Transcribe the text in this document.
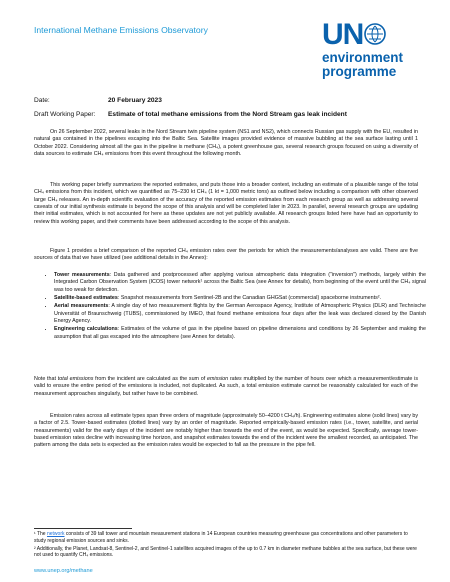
International Methane Emissions Observatory	UN
environment
programme
Date:	20 February 2023
Draft Working Paper: Estimate of total methane emissions from the Nord Stream gas leak incident

On 26 September 2022, several leaks in the Nord Stream twin pipeline system (NS1 and NS2), which connects Russian gas supply with the EU, resulted in natural gas contained in the pipelines escaping into the Baltic Sea. Satellite images provided evidence of massive bubbling at the sea surface lasting until 1 October 2022. Considering almost all the gas in the pipeline is methane (CH₄), a potent greenhouse gas, several research groups focused on using a diversity of data sources to estimate CH₄ emissions from this event throughout the following month.

This working paper briefly summarizes the reported estimates, and puts those into a broader context, including an estimate of a plausible range of the total CH₄ emissions from this incident, which we quantified as 75–230 kt CH₄ (1 kt = 1,000 metric tons) as outlined below including a comparison with other observed large CH₄ releases. An in-depth scientific evaluation of the accuracy of the reported emission estimates from each research group as well as addressing several caveats of our initial synthesis estimate is beyond the scope of this analysis and will be completed later in 2023. In parallel, several research groups are updating their initial estimates, which is not accounted for here as these updates are not yet publicly available. All research groups listed here have had an opportunity to review this working paper, and their comments have been addressed according to the scope of this analysis.

Figure 1 provides a brief comparison of the reported CH₄ emission rates over the periods for which the measurements/analyses are valid. There are five sources of data that we have utilized (see additional details in the Annex):

• Tower measurements: Data gathered and postprocessed after applying various atmospheric data integration (“inversion”) methods, largely within the Integrated Carbon Observation System (ICOS) tower network¹ across the Baltic Sea (see Annex for details), from beginning of the event until the CH₄ signal was too weak for detection.
• Satellite-based estimates: Snapshot measurements from Sentinel-2B and the Canadian GHGSat (commercial) spaceborne instruments².
• Aerial measurements: A single day of two measurement flights by the German Aerospace Agency, Institute of Atmospheric Physics (DLR) and Technische Universität of Braunschweig (TUBS), commissioned by IMEO, that found methane emissions four days after the leak was declared closed by the Danish Energy Agency.
• Engineering calculations: Estimates of the volume of gas in the pipeline based on pipeline dimensions and conditions by 26 September and making the assumption that all gas escaped into the atmosphere (see Annex for details).

Note that total emissions from the incident are calculated as the sum of emission rates multiplied by the number of hours over which a measurement/estimate is valid to ensure the entire period of the emissions is included, not duplicated. As such, a total emission estimate cannot be reasonably calculated for each of the measurement approaches singularly, but rather have to be combined.

Emission rates across all estimate types span three orders of magnitude (approximately 50–4200 t CH₄/h). Engineering estimates alone (solid lines) vary by a factor of 2.5. Tower-based estimates (dotted lines) vary by an order of magnitude. Reported empirically-based emission rates (i.e., tower, satellite, and aerial measurements) valid for the early days of the incident are notably higher than towards the end of the event, as would be expected. Specifically, average tower-based emission rates decline with increasing time horizon, and snapshot estimates towards the end of the incident were the smallest recorded, as anticipated. The pattern among the data sets is expected as the emission rates would be expected to fall as the pressure in the pipe fell.

¹ The network consists of 39 tall tower and mountain measurement stations in 14 European countries measuring greenhouse gas concentrations and other parameters to study regional emission sources and sinks.

² Additionally, the Planet, Landsat-8, Sentinel-2, and Sentinel-1 satellites acquired images of the up to 0.7 km in diameter methane bubbles at the sea surface, but these were not used to quantify CH₄ emissions.

www.unep.org/methane
